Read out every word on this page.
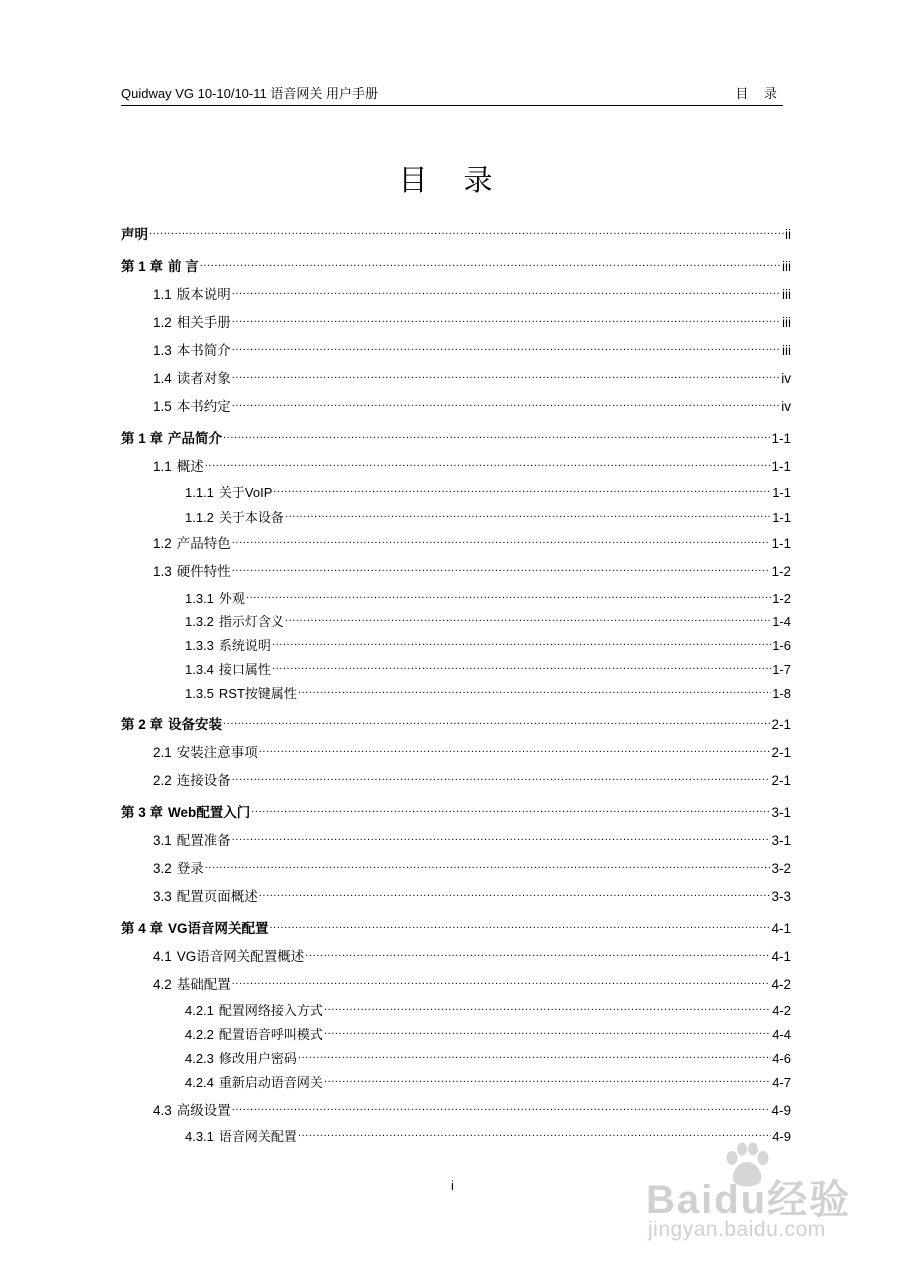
Quidway VG 10-10/10-11 语音网关 用户手册	目 录
目 录
声明 .....	ii
第 1 章 前 言 .....	iii
1.1 版本说明 .....	iii
1.2 相关手册 .....	iii
1.3 本书简介 .....	iii
1.4 读者对象 .....	iv
1.5 本书约定 .....	iv
第 1 章 产品简介 .....	1-1
1.1 概述 .....	1-1
1.1.1 关于VoIP .....	1-1
1.1.2 关于本设备 .....	1-1
1.2 产品特色 .....	1-1
1.3 硬件特性 .....	1-2
1.3.1 外观 .....	1-2
1.3.2 指示灯含义 .....	1-4
1.3.3 系统说明 .....	1-6
1.3.4 接口属性 .....	1-7
1.3.5 RST按键属性 .....	1-8
第 2 章 设备安装 .....	2-1
2.1 安装注意事项 .....	2-1
2.2 连接设备 .....	2-1
第 3 章 Web配置入门 .....	3-1
3.1 配置准备 .....	3-1
3.2 登录 .....	3-2
3.3 配置页面概述 .....	3-3
第 4 章 VG语音网关配置 .....	4-1
4.1 VG语音网关配置概述 .....	4-1
4.2 基础配置 .....	4-2
4.2.1 配置网络接入方式 .....	4-2
4.2.2 配置语音呼叫模式 .....	4-4
4.2.3 修改用户密码 .....	4-6
4.2.4 重新启动语音网关 .....	4-7
4.3 高级设置 .....	4-9
4.3.1 语音网关配置 .....	4-9
i	Baidu经验
jingyan.baidu.com
